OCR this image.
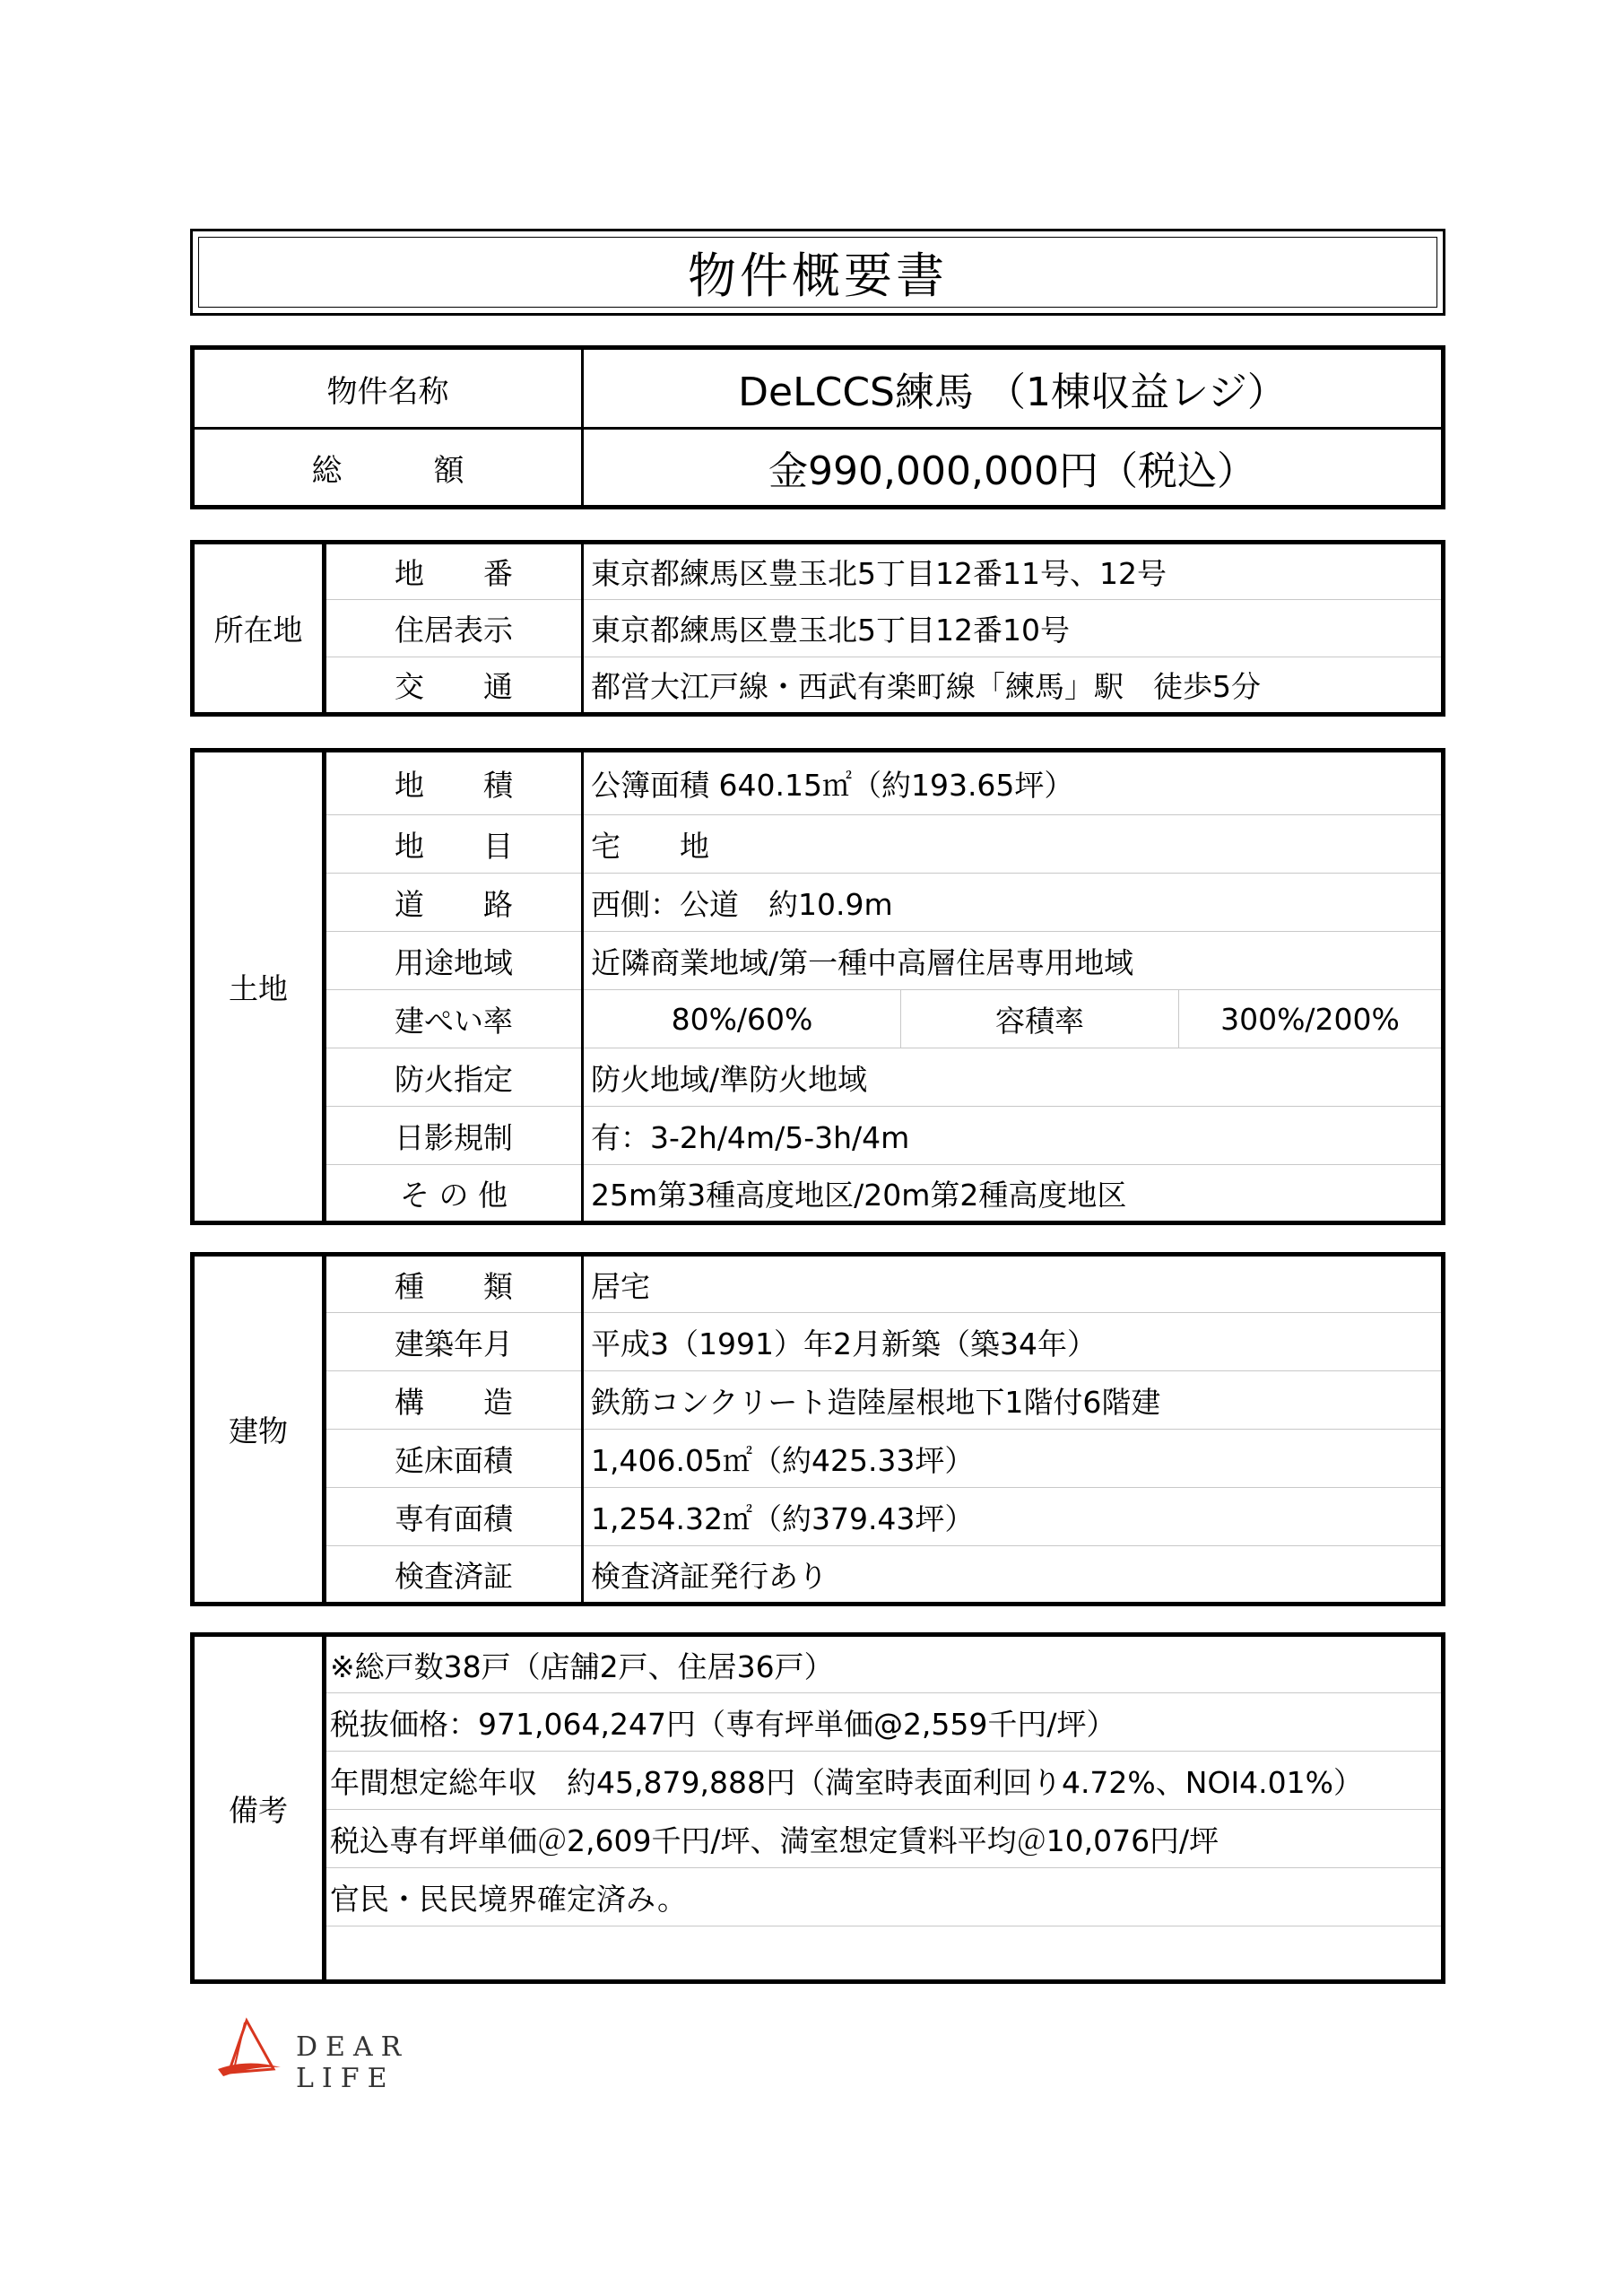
物件概要書
物件名称	DeLCCS練馬 （1棟収益レジ）
総　　　額	金990,000,000円（税込）
所在地	地　　番	東京都練馬区豊玉北5丁目12番11号、12号
	住居表示	東京都練馬区豊玉北5丁目12番10号
	交　　通	都営大江戸線・西武有楽町線「練馬」駅　徒歩5分
土地	地　　積	公簿面積 640.15㎡（約193.65坪）		
	地　　目	宅　　地		
	道　　路	西側：公道　約10.9m		
	用途地域	近隣商業地域/第一種中高層住居専用地域		
	建ぺい率	80%/60%	容積率	300%/200%
	防火指定	防火地域/準防火地域		
	日影規制	有：3-2h/4m/5-3h/4m		
	そ の 他	25m第3種高度地区/20m第2種高度地区		
建物	種　　類	居宅
	建築年月	平成3（1991）年2月新築（築34年）
	構　　造	鉄筋コンクリート造陸屋根地下1階付6階建
	延床面積	1,406.05㎡（約425.33坪）
	専有面積	1,254.32㎡（約379.43坪）
	検査済証	検査済証発行あり
備考	※総戸数38戸（店舗2戸、住居36戸）
税抜価格：971,064,247円（専有坪単価@2,559千円/坪）
年間想定総年収　約45,879,888円（満室時表面利回り4.72%、NOI4.01%）
税込専有坪単価＠2,609千円/坪、満室想定賃料平均＠10,076円/坪
官民・民民境界確定済み。

DEAR LIFE
